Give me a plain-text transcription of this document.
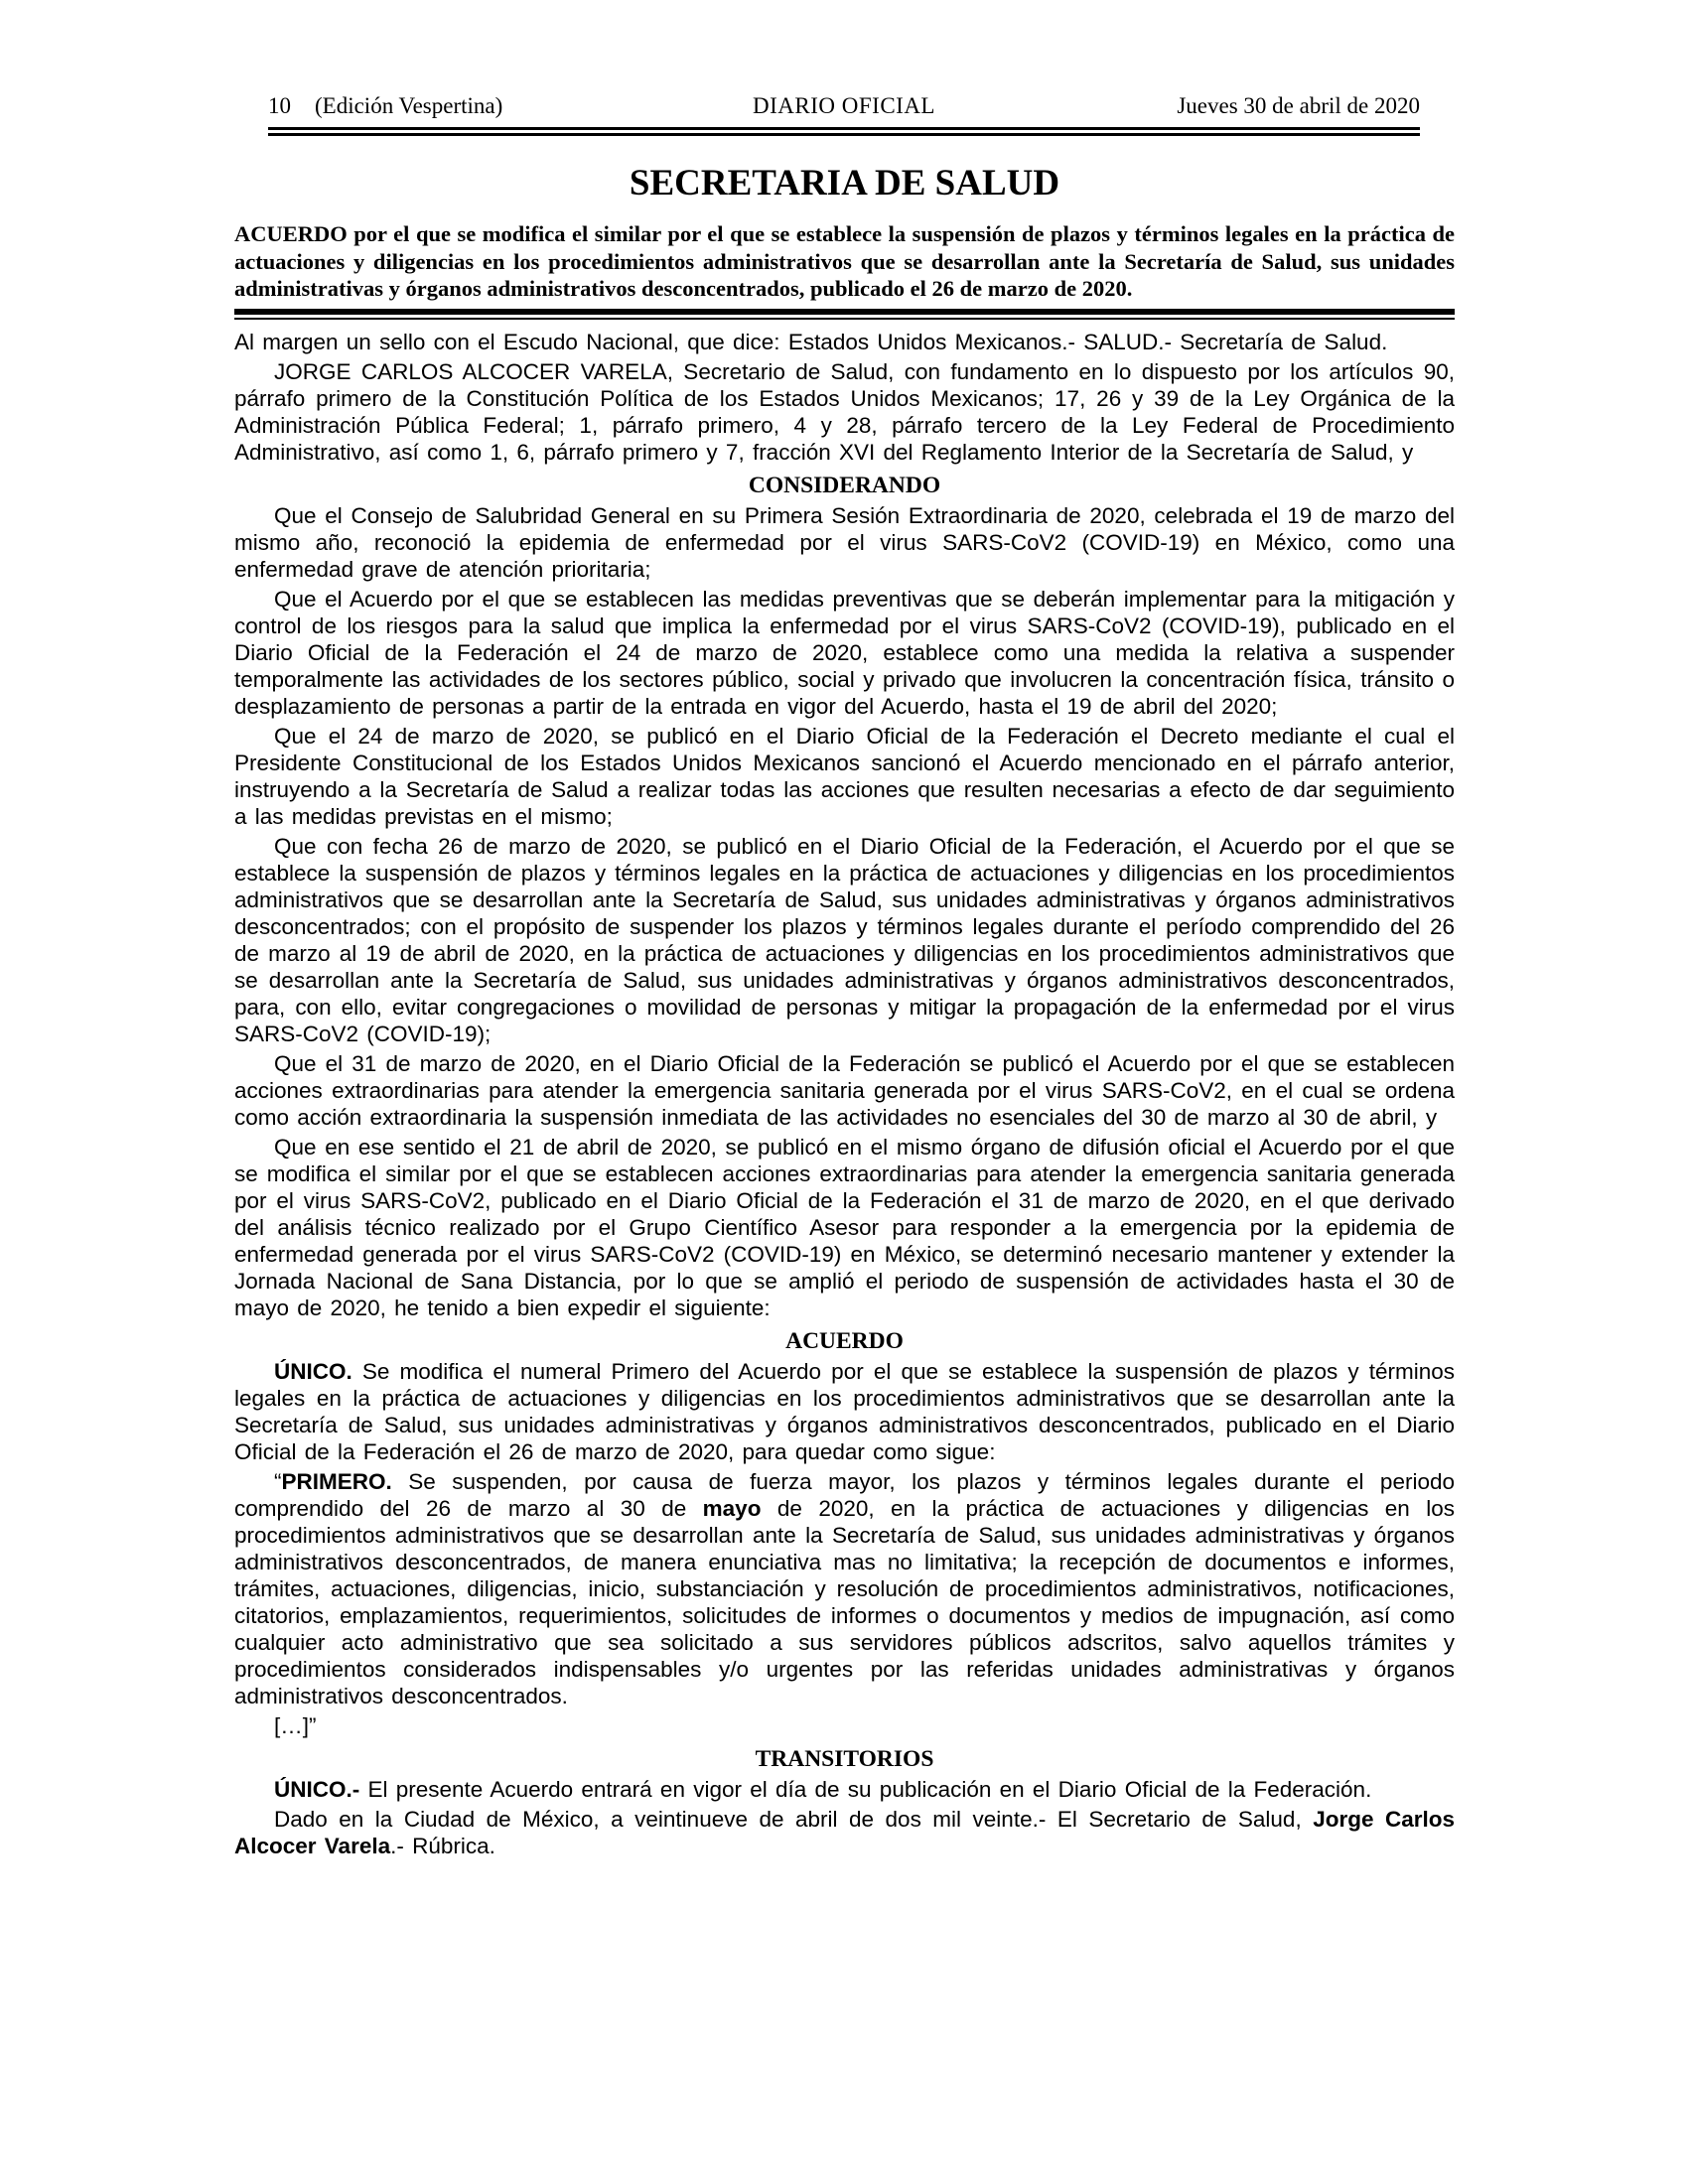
10 (Edición Vespertina)	DIARIO OFICIAL	Jueves 30 de abril de 2020
SECRETARIA DE SALUD

ACUERDO por el que se modifica el similar por el que se establece la suspensión de plazos y términos legales en la práctica de actuaciones y diligencias en los procedimientos administrativos que se desarrollan ante la Secretaría de Salud, sus unidades administrativas y órganos administrativos desconcentrados, publicado el 26 de marzo de 2020.

Al margen un sello con el Escudo Nacional, que dice: Estados Unidos Mexicanos.- SALUD.- Secretaría de Salud.

JORGE CARLOS ALCOCER VARELA, Secretario de Salud, con fundamento en lo dispuesto por los artículos 90, párrafo primero de la Constitución Política de los Estados Unidos Mexicanos; 17, 26 y 39 de la Ley Orgánica de la Administración Pública Federal; 1, párrafo primero, 4 y 28, párrafo tercero de la Ley Federal de Procedimiento Administrativo, así como 1, 6, párrafo primero y 7, fracción XVI del Reglamento Interior de la Secretaría de Salud, y

CONSIDERANDO

Que el Consejo de Salubridad General en su Primera Sesión Extraordinaria de 2020, celebrada el 19 de marzo del mismo año, reconoció la epidemia de enfermedad por el virus SARS-CoV2 (COVID-19) en México, como una enfermedad grave de atención prioritaria;

Que el Acuerdo por el que se establecen las medidas preventivas que se deberán implementar para la mitigación y control de los riesgos para la salud que implica la enfermedad por el virus SARS-CoV2 (COVID-19), publicado en el Diario Oficial de la Federación el 24 de marzo de 2020, establece como una medida la relativa a suspender temporalmente las actividades de los sectores público, social y privado que involucren la concentración física, tránsito o desplazamiento de personas a partir de la entrada en vigor del Acuerdo, hasta el 19 de abril del 2020;

Que el 24 de marzo de 2020, se publicó en el Diario Oficial de la Federación el Decreto mediante el cual el Presidente Constitucional de los Estados Unidos Mexicanos sancionó el Acuerdo mencionado en el párrafo anterior, instruyendo a la Secretaría de Salud a realizar todas las acciones que resulten necesarias a efecto de dar seguimiento a las medidas previstas en el mismo;

Que con fecha 26 de marzo de 2020, se publicó en el Diario Oficial de la Federación, el Acuerdo por el que se establece la suspensión de plazos y términos legales en la práctica de actuaciones y diligencias en los procedimientos administrativos que se desarrollan ante la Secretaría de Salud, sus unidades administrativas y órganos administrativos desconcentrados; con el propósito de suspender los plazos y términos legales durante el período comprendido del 26 de marzo al 19 de abril de 2020, en la práctica de actuaciones y diligencias en los procedimientos administrativos que se desarrollan ante la Secretaría de Salud, sus unidades administrativas y órganos administrativos desconcentrados, para, con ello, evitar congregaciones o movilidad de personas y mitigar la propagación de la enfermedad por el virus SARS-CoV2 (COVID-19);

Que el 31 de marzo de 2020, en el Diario Oficial de la Federación se publicó el Acuerdo por el que se establecen acciones extraordinarias para atender la emergencia sanitaria generada por el virus SARS-CoV2, en el cual se ordena como acción extraordinaria la suspensión inmediata de las actividades no esenciales del 30 de marzo al 30 de abril, y

Que en ese sentido el 21 de abril de 2020, se publicó en el mismo órgano de difusión oficial el Acuerdo por el que se modifica el similar por el que se establecen acciones extraordinarias para atender la emergencia sanitaria generada por el virus SARS-CoV2, publicado en el Diario Oficial de la Federación el 31 de marzo de 2020, en el que derivado del análisis técnico realizado por el Grupo Científico Asesor para responder a la emergencia por la epidemia de enfermedad generada por el virus SARS-CoV2 (COVID-19) en México, se determinó necesario mantener y extender la Jornada Nacional de Sana Distancia, por lo que se amplió el periodo de suspensión de actividades hasta el 30 de mayo de 2020, he tenido a bien expedir el siguiente:

ACUERDO

ÚNICO. Se modifica el numeral Primero del Acuerdo por el que se establece la suspensión de plazos y términos legales en la práctica de actuaciones y diligencias en los procedimientos administrativos que se desarrollan ante la Secretaría de Salud, sus unidades administrativas y órganos administrativos desconcentrados, publicado en el Diario Oficial de la Federación el 26 de marzo de 2020, para quedar como sigue:

“PRIMERO. Se suspenden, por causa de fuerza mayor, los plazos y términos legales durante el periodo comprendido del 26 de marzo al 30 de mayo de 2020, en la práctica de actuaciones y diligencias en los procedimientos administrativos que se desarrollan ante la Secretaría de Salud, sus unidades administrativas y órganos administrativos desconcentrados, de manera enunciativa mas no limitativa; la recepción de documentos e informes, trámites, actuaciones, diligencias, inicio, substanciación y resolución de procedimientos administrativos, notificaciones, citatorios, emplazamientos, requerimientos, solicitudes de informes o documentos y medios de impugnación, así como cualquier acto administrativo que sea solicitado a sus servidores públicos adscritos, salvo aquellos trámites y procedimientos considerados indispensables y/o urgentes por las referidas unidades administrativas y órganos administrativos desconcentrados.

[…]”

TRANSITORIOS

ÚNICO.- El presente Acuerdo entrará en vigor el día de su publicación en el Diario Oficial de la Federación.

Dado en la Ciudad de México, a veintinueve de abril de dos mil veinte.- El Secretario de Salud, Jorge Carlos Alcocer Varela.- Rúbrica.
